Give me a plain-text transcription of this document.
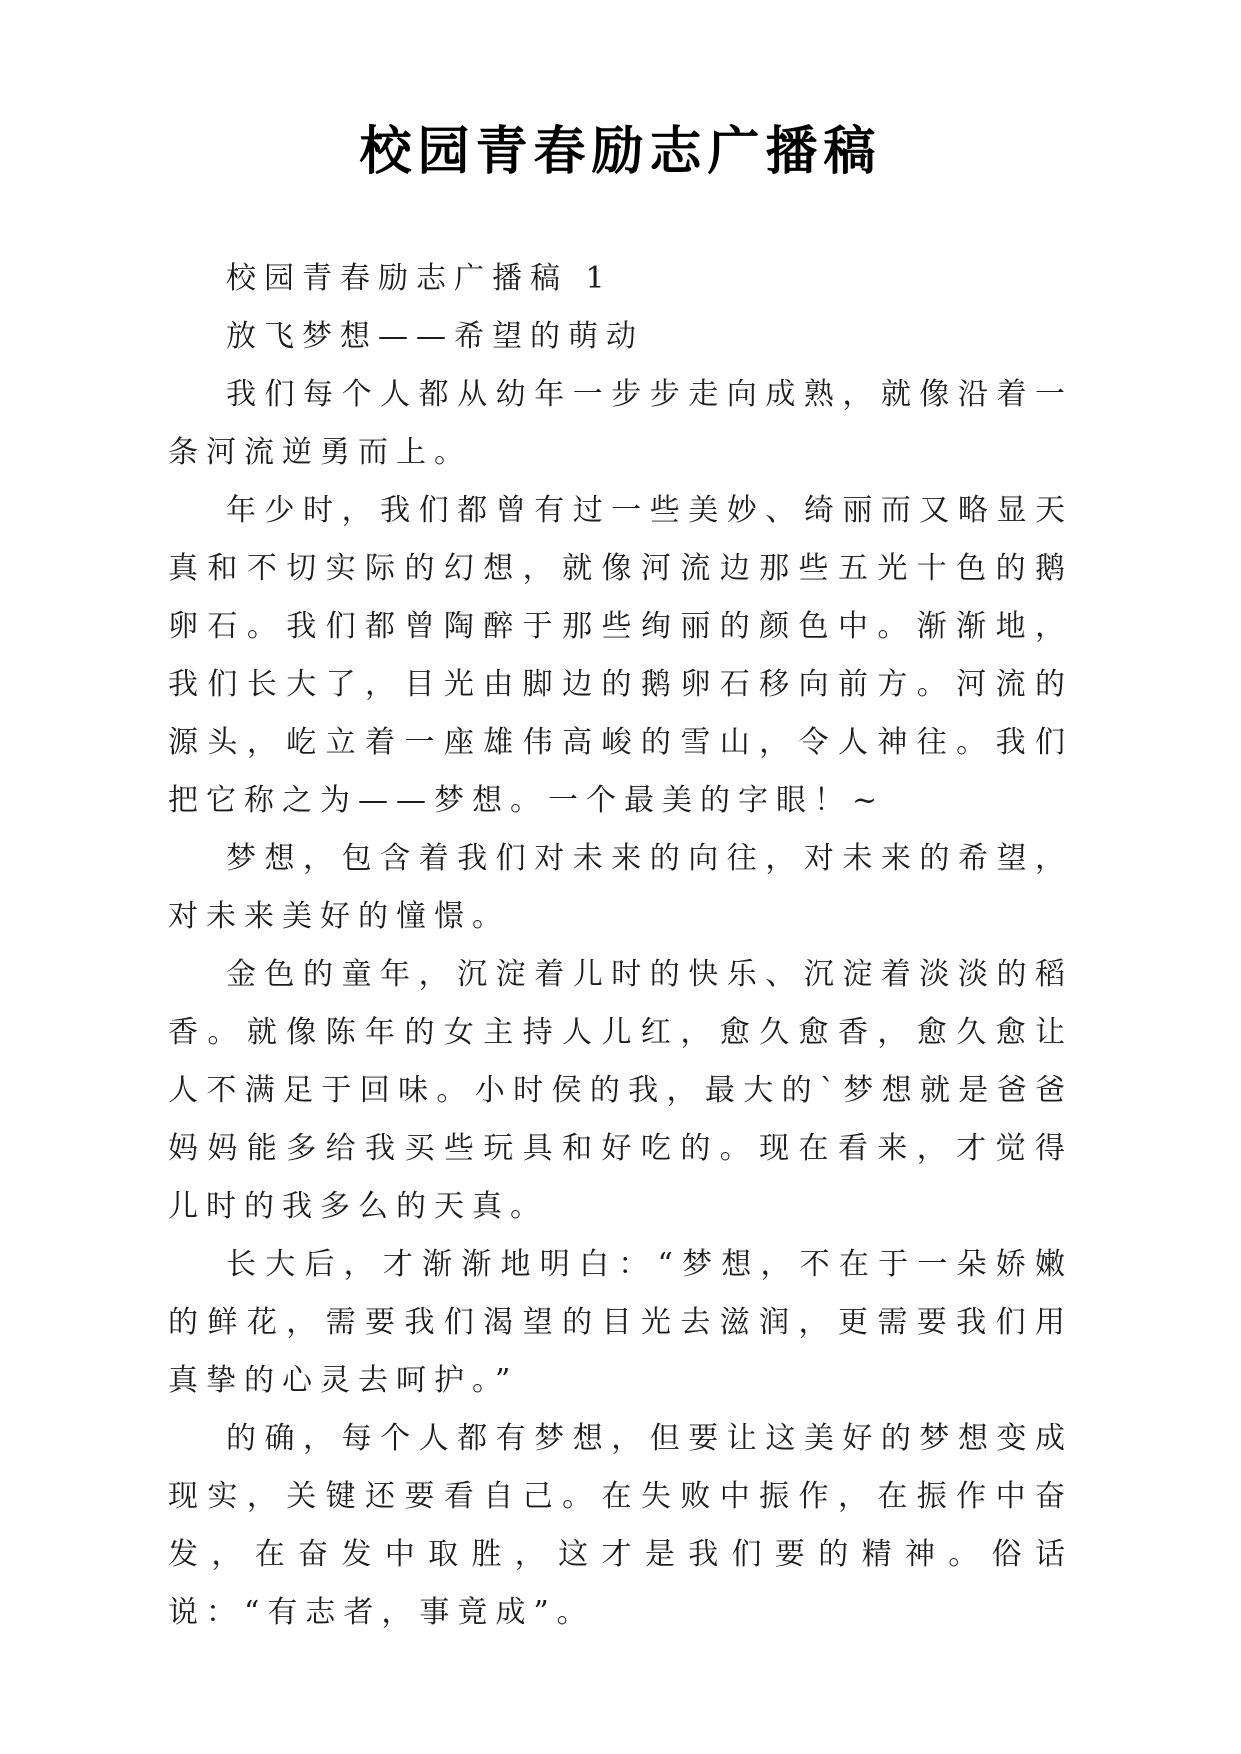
校园青春励志广播稿

校园青春励志广播稿 1

放飞梦想——希望的萌动

我们每个人都从幼年一步步走向成熟，就像沿着一条河流逆勇而上。

年少时，我们都曾有过一些美妙、绮丽而又略显天真和不切实际的幻想，就像河流边那些五光十色的鹅卵石。我们都曾陶醉于那些绚丽的颜色中。渐渐地，我们长大了，目光由脚边的鹅卵石移向前方。河流的源头，屹立着一座雄伟高峻的雪山，令人神往。我们把它称之为——梦想。一个最美的字眼！~

梦想，包含着我们对未来的向往，对未来的希望，对未来美好的憧憬。

金色的童年，沉淀着儿时的快乐、沉淀着淡淡的稻香。就像陈年的女主持人儿红，愈久愈香，愈久愈让人不满足于回味。小时侯的我，最大的`梦想就是爸爸妈妈能多给我买些玩具和好吃的。现在看来，才觉得儿时的我多么的天真。

长大后，才渐渐地明白：“梦想，不在于一朵娇嫩的鲜花，需要我们渴望的目光去滋润，更需要我们用真挚的心灵去呵护。”

的确，每个人都有梦想，但要让这美好的梦想变成现实，关键还要看自己。在失败中振作，在振作中奋发，在奋发中取胜，这才是我们要的精神。俗话说：“有志者，事竟成”。
